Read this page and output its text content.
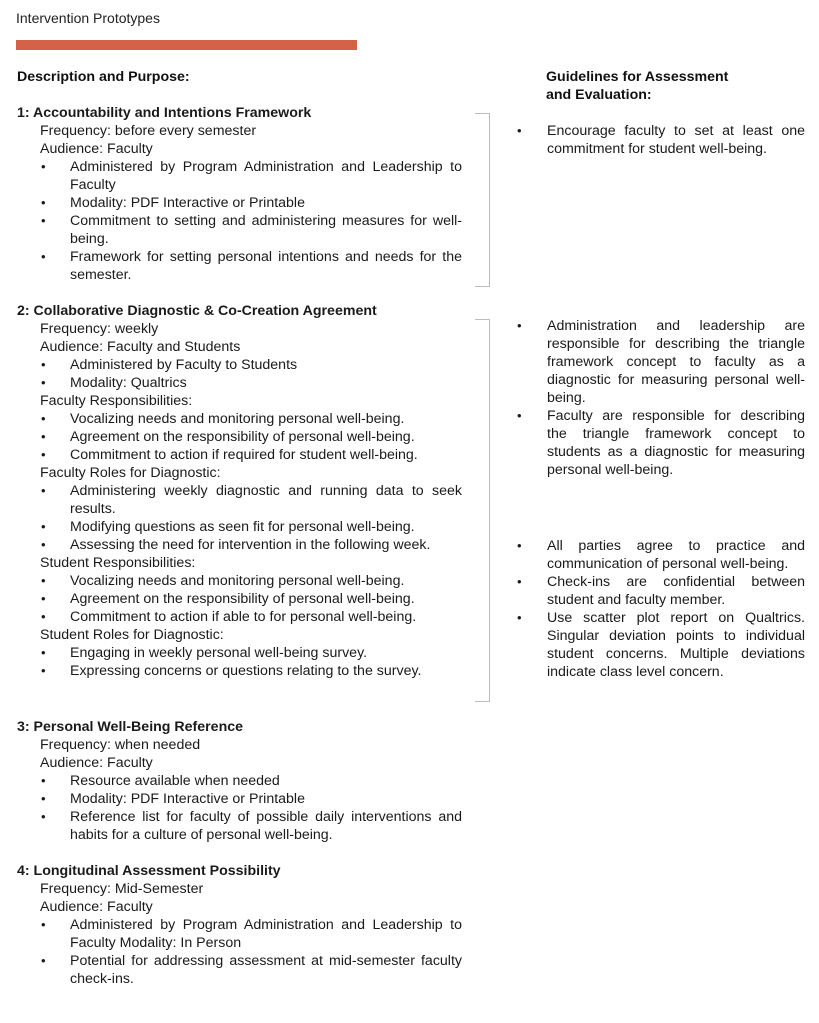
Intervention Prototypes
Description and Purpose:	Guidelines for Assessment
and Evaluation:

1: Accountability and Intentions Framework

Frequency: before every semester

Audience: Faculty

• Administered by Program Administration and Leadership to Faculty
• Modality: PDF Interactive or Printable
• Commitment to setting and administering measures for well-being.
• Framework for setting personal intentions and needs for the semester.

2: Collaborative Diagnostic & Co-Creation Agreement

Frequency: weekly

Audience: Faculty and Students

• Administered by Faculty to Students
• Modality: Qualtrics

Faculty Responsibilities:

• Vocalizing needs and monitoring personal well-being.
• Agreement on the responsibility of personal well-being.
• Commitment to action if required for student well-being.

Faculty Roles for Diagnostic:

• Administering weekly diagnostic and running data to seek results.
• Modifying questions as seen fit for personal well-being.
• Assessing the need for intervention in the following week.

Student Responsibilities:

• Vocalizing needs and monitoring personal well-being.
• Agreement on the responsibility of personal well-being.
• Commitment to action if able to for personal well-being.

Student Roles for Diagnostic:

• Engaging in weekly personal well-being survey.
• Expressing concerns or questions relating to the survey.

3: Personal Well-Being Reference

Frequency: when needed

Audience: Faculty

• Resource available when needed
• Modality: PDF Interactive or Printable
• Reference list for faculty of possible daily interventions and habits for a culture of personal well-being.

4: Longitudinal Assessment Possibility

Frequency: Mid-Semester

Audience: Faculty

• Administered by Program Administration and Leadership to Faculty Modality: In Person
• Potential for addressing assessment at mid-semester faculty check-ins.
• Encourage faculty to set at least one commitment for student well-being.
• Administration and leadership are responsible for describing the triangle framework concept to faculty as a diagnostic for measuring personal well-being.
• Faculty are responsible for describing the triangle framework concept to students as a diagnostic for measuring personal well-being.
• All parties agree to practice and communication of personal well-being.
• Check-ins are confidential between student and faculty member.
• Use scatter plot report on Qualtrics. Singular deviation points to individual student concerns. Multiple deviations indicate class level concern.
